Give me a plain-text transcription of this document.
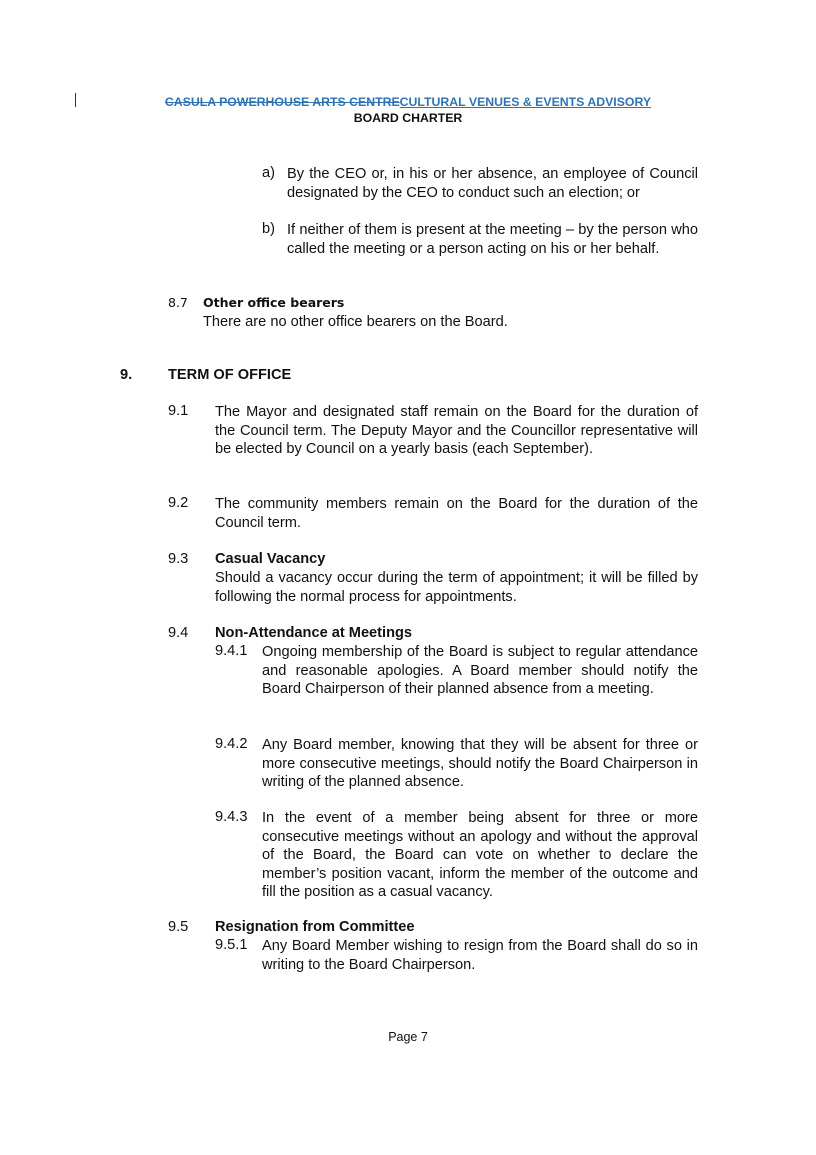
CASULA POWERHOUSE ARTS CENTRECULTURAL VENUES & EVENTS ADVISORY
BOARD CHARTER
a) By the CEO or, in his or her absence, an employee of Council designated by the CEO to conduct such an election; or
b) If neither of them is present at the meeting – by the person who called the meeting or a person acting on his or her behalf.
8.7 Other office bearers
There are no other office bearers on the Board.
9. TERM OF OFFICE
9.1 The Mayor and designated staff remain on the Board for the duration of the Council term. The Deputy Mayor and the Councillor representative will be elected by Council on a yearly basis (each September).
9.2 The community members remain on the Board for the duration of the Council term.
9.3 Casual Vacancy
Should a vacancy occur during the term of appointment; it will be filled by following the normal process for appointments.
9.4 Non-Attendance at Meetings
9.4.1 Ongoing membership of the Board is subject to regular attendance and reasonable apologies. A Board member should notify the Board Chairperson of their planned absence from a meeting.
9.4.2 Any Board member, knowing that they will be absent for three or more consecutive meetings, should notify the Board Chairperson in writing of the planned absence.
9.4.3 In the event of a member being absent for three or more consecutive meetings without an apology and without the approval of the Board, the Board can vote on whether to declare the member’s position vacant, inform the member of the outcome and fill the position as a casual vacancy.
9.5 Resignation from Committee
9.5.1 Any Board Member wishing to resign from the Board shall do so in writing to the Board Chairperson.
Page 7
